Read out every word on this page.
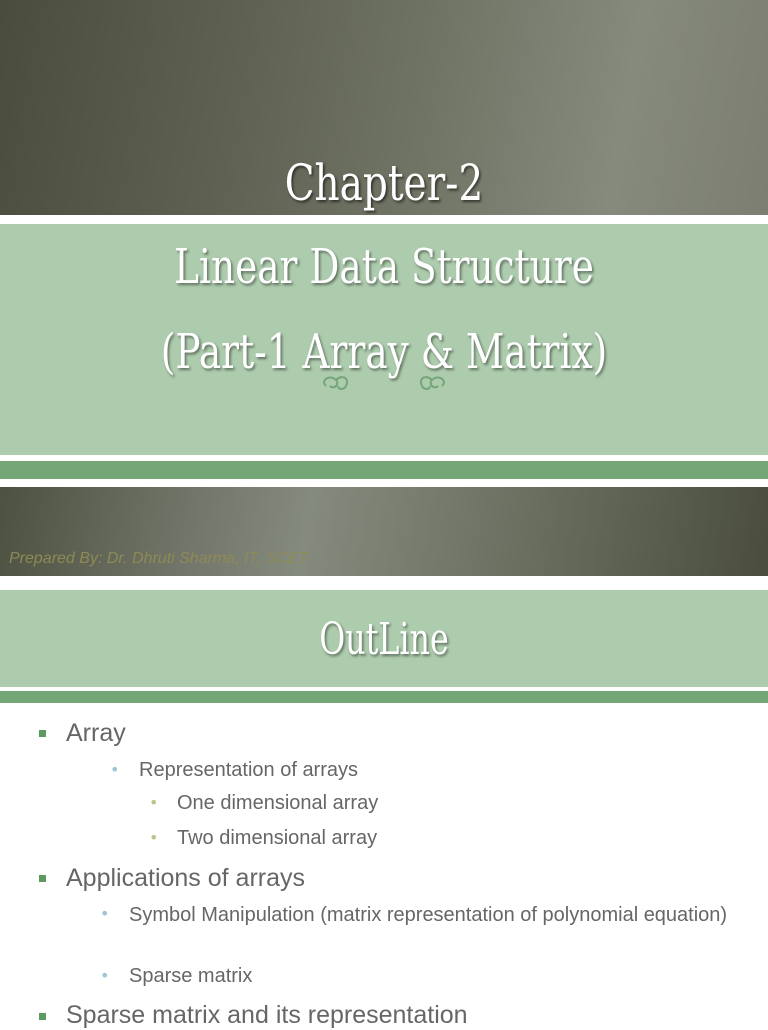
Chapter-2
Linear Data Structure
(Part-1 Array & Matrix)
Prepared By: Dr. Dhruti Sharma, IT, SCET
OutLine
Array
• Representation of arrays
• One dimensional array
• Two dimensional array
Applications of arrays
• Symbol Manipulation (matrix representation of polynomial equation)
• Sparse matrix
Sparse matrix and its representation
